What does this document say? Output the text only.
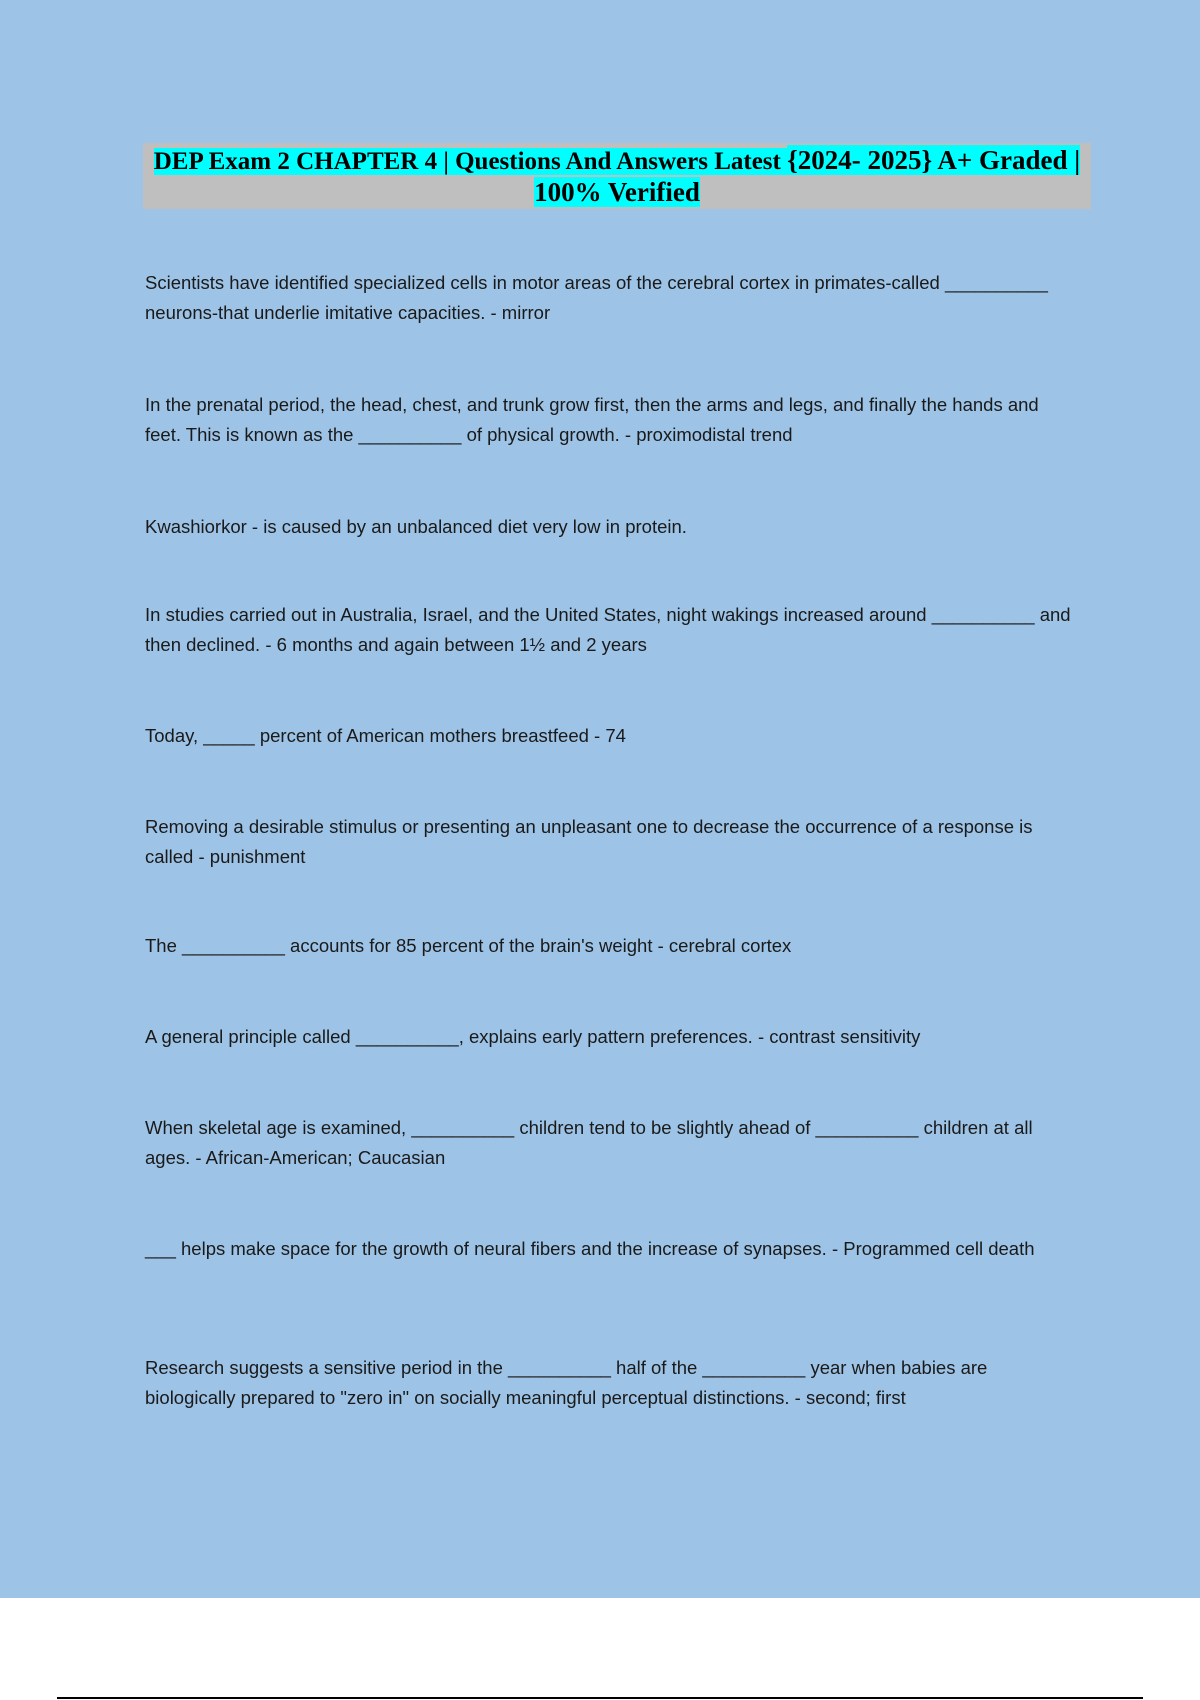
DEP Exam 2 CHAPTER 4 | Questions And Answers Latest {2024- 2025} A+ Graded |
100% Verified

Scientists have identified specialized cells in motor areas of the cerebral cortex in primates-called __________ neurons-that underlie imitative capacities. - mirror

In the prenatal period, the head, chest, and trunk grow first, then the arms and legs, and finally the hands and feet. This is known as the __________ of physical growth. - proximodistal trend

Kwashiorkor - is caused by an unbalanced diet very low in protein.

In studies carried out in Australia, Israel, and the United States, night wakings increased around __________ and then declined. - 6 months and again between 1½ and 2 years

Today, _____ percent of American mothers breastfeed - 74

Removing a desirable stimulus or presenting an unpleasant one to decrease the occurrence of a response is called - punishment

The __________ accounts for 85 percent of the brain's weight - cerebral cortex

A general principle called __________, explains early pattern preferences. - contrast sensitivity

When skeletal age is examined, __________ children tend to be slightly ahead of __________ children at all ages. - African-American; Caucasian

___ helps make space for the growth of neural fibers and the increase of synapses. - Programmed cell death

Research suggests a sensitive period in the __________ half of the __________ year when babies are biologically prepared to "zero in" on socially meaningful perceptual distinctions. - second; first
